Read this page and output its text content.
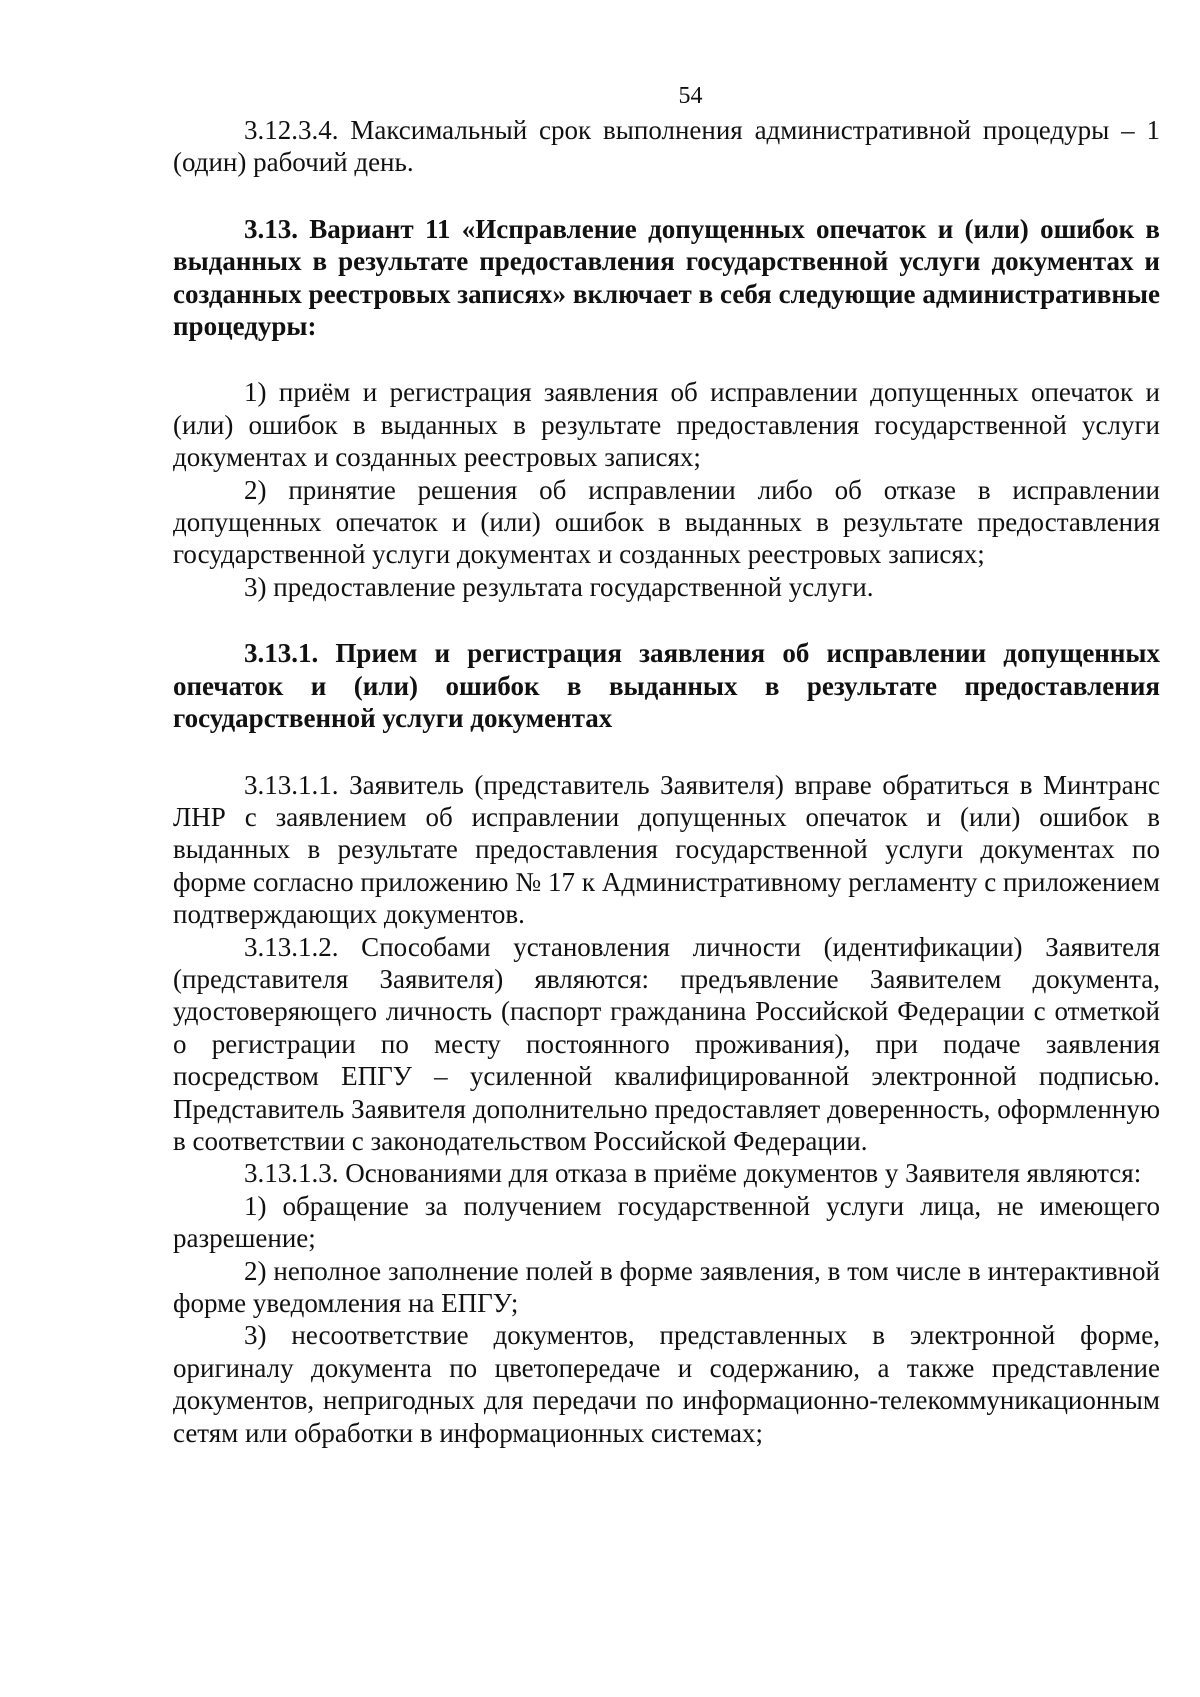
54

3.12.3.4. Максимальный срок выполнения административной процедуры – 1 (один) рабочий день.

3.13. Вариант 11 «Исправление допущенных опечаток и (или) ошибок в выданных в результате предоставления государственной услуги документах и созданных реестровых записях» включает в себя следующие административные процедуры:

1) приём и регистрация заявления об исправлении допущенных опечаток и (или) ошибок в выданных в результате предоставления государственной услуги документах и созданных реестровых записях;

2) принятие решения об исправлении либо об отказе в исправлении допущенных опечаток и (или) ошибок в выданных в результате предоставления государственной услуги документах и созданных реестровых записях;

3) предоставление результата государственной услуги.

3.13.1. Прием и регистрация заявления об исправлении допущенных опечаток и (или) ошибок в выданных в результате предоставления государственной услуги документах

3.13.1.1. Заявитель (представитель Заявителя) вправе обратиться в Минтранс ЛНР с заявлением об исправлении допущенных опечаток и (или) ошибок в выданных в результате предоставления государственной услуги документах по форме согласно приложению № 17 к Административному регламенту с приложением подтверждающих документов.

3.13.1.2. Способами установления личности (идентификации) Заявителя (представителя Заявителя) являются: предъявление Заявителем документа, удостоверяющего личность (паспорт гражданина Российской Федерации с отметкой о регистрации по месту постоянного проживания), при подаче заявления посредством ЕПГУ – усиленной квалифицированной электронной подписью. Представитель Заявителя дополнительно предоставляет доверенность, оформленную в соответствии с законодательством Российской Федерации.

3.13.1.3. Основаниями для отказа в приёме документов у Заявителя являются:

1) обращение за получением государственной услуги лица, не имеющего разрешение;

2) неполное заполнение полей в форме заявления, в том числе в интерактивной форме уведомления на ЕПГУ;

3) несоответствие документов, представленных в электронной форме, оригиналу документа по цветопередаче и содержанию, а также представление документов, непригодных для передачи по информационно-телекоммуникационным сетям или обработки в информационных системах;
